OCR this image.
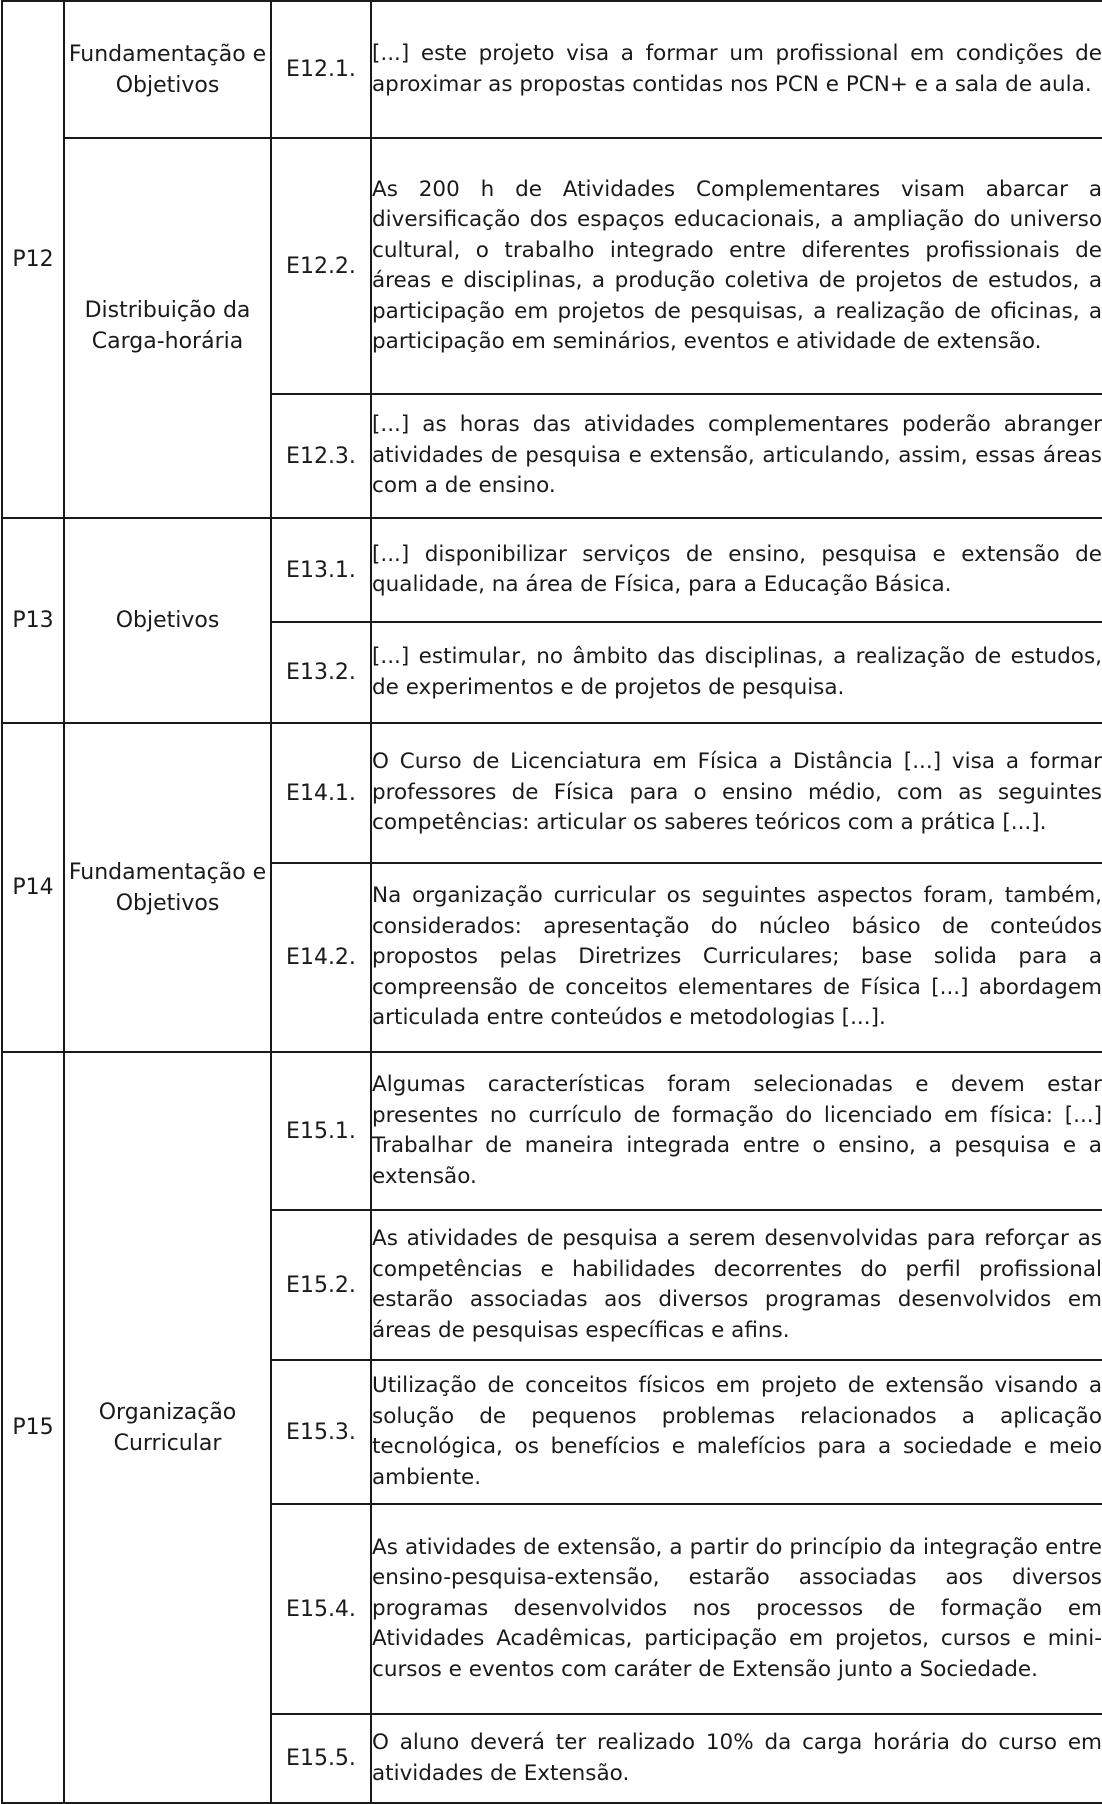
P12	Fundamentação e Objetivos	E12.1.	[...] este projeto visa a formar um profissional em condições de aproximar as propostas contidas nos PCN e PCN+ e a sala de aula.
	Distribuição da Carga-horária	E12.2.	As 200 h de Atividades Complementares visam abarcar a diversificação dos espaços educacionais, a ampliação do universo cultural, o trabalho integrado entre diferentes profissionais de áreas e disciplinas, a produção coletiva de projetos de estudos, a participação em projetos de pesquisas, a realização de oficinas, a participação em seminários, eventos e atividade de extensão.
		E12.3.	[...] as horas das atividades complementares poderão abranger atividades de pesquisa e extensão, articulando, assim, essas áreas com a de ensino.
P13	Objetivos	E13.1.	[...] disponibilizar serviços de ensino, pesquisa e extensão de qualidade, na área de Física, para a Educação Básica.
		E13.2.	[...] estimular, no âmbito das disciplinas, a realização de estudos, de experimentos e de projetos de pesquisa.
P14	Fundamentação e Objetivos	E14.1.	O Curso de Licenciatura em Física a Distância [...] visa a formar professores de Física para o ensino médio, com as seguintes competências: articular os saberes teóricos com a prática [...].
		E14.2.	Na organização curricular os seguintes aspectos foram, também, considerados: apresentação do núcleo básico de conteúdos propostos pelas Diretrizes Curriculares; base solida para a compreensão de conceitos elementares de Física [...] abordagem articulada entre conteúdos e metodologias [...].
P15	Organização Curricular	E15.1.	Algumas características foram selecionadas e devem estar presentes no currículo de formação do licenciado em física: [...] Trabalhar de maneira integrada entre o ensino, a pesquisa e a extensão.
		E15.2.	As atividades de pesquisa a serem desenvolvidas para reforçar as competências e habilidades decorrentes do perfil profissional estarão associadas aos diversos programas desenvolvidos em áreas de pesquisas específicas e afins.
		E15.3.	Utilização de conceitos físicos em projeto de extensão visando a solução de pequenos problemas relacionados a aplicação tecnológica, os benefícios e malefícios para a sociedade e meio ambiente.
		E15.4.	As atividades de extensão, a partir do princípio da integração entre ensino-pesquisa-extensão, estarão associadas aos diversos programas desenvolvidos nos processos de formação em Atividades Acadêmicas, participação em projetos, cursos e mini-cursos e eventos com caráter de Extensão junto a Sociedade.
		E15.5.	O aluno deverá ter realizado 10% da carga horária do curso em atividades de Extensão.
